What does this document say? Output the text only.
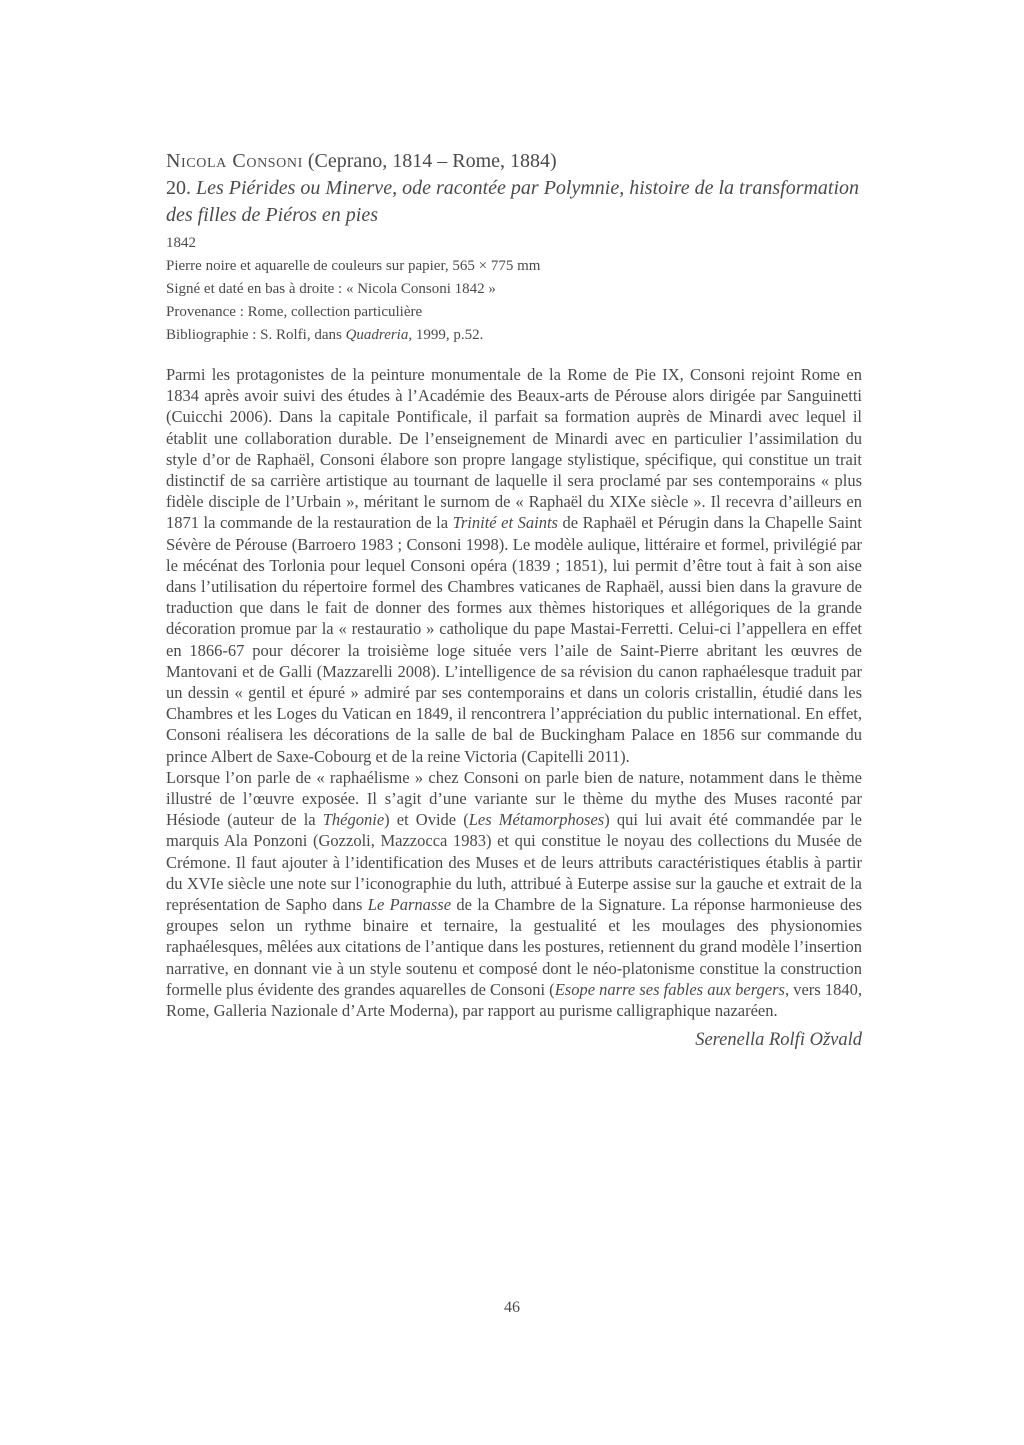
Nicola Consoni (Ceprano, 1814 – Rome, 1884)
20. Les Piérides ou Minerve, ode racontée par Polymnie, histoire de la transformation des filles de Piéros en pies
1842
Pierre noire et aquarelle de couleurs sur papier, 565 × 775 mm
Signé et daté en bas à droite : « Nicola Consoni 1842 »
Provenance : Rome, collection particulière
Bibliographie : S. Rolfi, dans Quadreria, 1999, p.52.

Parmi les protagonistes de la peinture monumentale de la Rome de Pie IX, Consoni rejoint Rome en 1834 après avoir suivi des études à l’Académie des Beaux-arts de Pérouse alors dirigée par Sanguinetti (Cuicchi 2006). Dans la capitale Pontificale, il parfait sa formation auprès de Minardi avec lequel il établit une collaboration durable. De l’enseignement de Minardi avec en particulier l’assimilation du style d’or de Raphaël, Consoni élabore son propre langage stylistique, spécifique, qui constitue un trait distinctif de sa carrière artistique au tournant de laquelle il sera proclamé par ses contemporains « plus fidèle disciple de l’Urbain », méritant le surnom de « Raphaël du XIXe siècle ». Il recevra d’ailleurs en 1871 la commande de la restauration de la Trinité et Saints de Raphaël et Pérugin dans la Chapelle Saint Sévère de Pérouse (Barroero 1983 ; Consoni 1998). Le modèle aulique, littéraire et formel, privilégié par le mécénat des Torlonia pour lequel Consoni opéra (1839 ; 1851), lui permit d’être tout à fait à son aise dans l’utilisation du répertoire formel des Chambres vaticanes de Raphaël, aussi bien dans la gravure de traduction que dans le fait de donner des formes aux thèmes historiques et allégoriques de la grande décoration promue par la « restauratio » catholique du pape Mastai-Ferretti. Celui-ci l’appellera en effet en 1866-67 pour décorer la troisième loge située vers l’aile de Saint-Pierre abritant les œuvres de Mantovani et de Galli (Mazzarelli 2008). L’intelligence de sa révision du canon raphaélesque traduit par un dessin « gentil et épuré » admiré par ses contemporains et dans un coloris cristallin, étudié dans les Chambres et les Loges du Vatican en 1849, il rencontrera l’appréciation du public international. En effet, Consoni réalisera les décorations de la salle de bal de Buckingham Palace en 1856 sur commande du prince Albert de Saxe-Cobourg et de la reine Victoria (Capitelli 2011).

Lorsque l’on parle de « raphaélisme » chez Consoni on parle bien de nature, notamment dans le thème illustré de l’œuvre exposée. Il s’agit d’une variante sur le thème du mythe des Muses raconté par Hésiode (auteur de la Thégonie) et Ovide (Les Métamorphoses) qui lui avait été commandée par le marquis Ala Ponzoni (Gozzoli, Mazzocca 1983) et qui constitue le noyau des collections du Musée de Crémone. Il faut ajouter à l’identification des Muses et de leurs attributs caractéristiques établis à partir du XVIe siècle une note sur l’iconographie du luth, attribué à Euterpe assise sur la gauche et extrait de la représentation de Sapho dans Le Parnasse de la Chambre de la Signature. La réponse harmonieuse des groupes selon un rythme binaire et ternaire, la gestualité et les moulages des physionomies raphaélesques, mêlées aux citations de l’antique dans les postures, retiennent du grand modèle l’insertion narrative, en donnant vie à un style soutenu et composé dont le néo-platonisme constitue la construction formelle plus évidente des grandes aquarelles de Consoni (Esope narre ses fables aux bergers, vers 1840, Rome, Galleria Nazionale d’Arte Moderna), par rapport au purisme calligraphique nazaréen.

Serenella Rolfi Ožvald
46
